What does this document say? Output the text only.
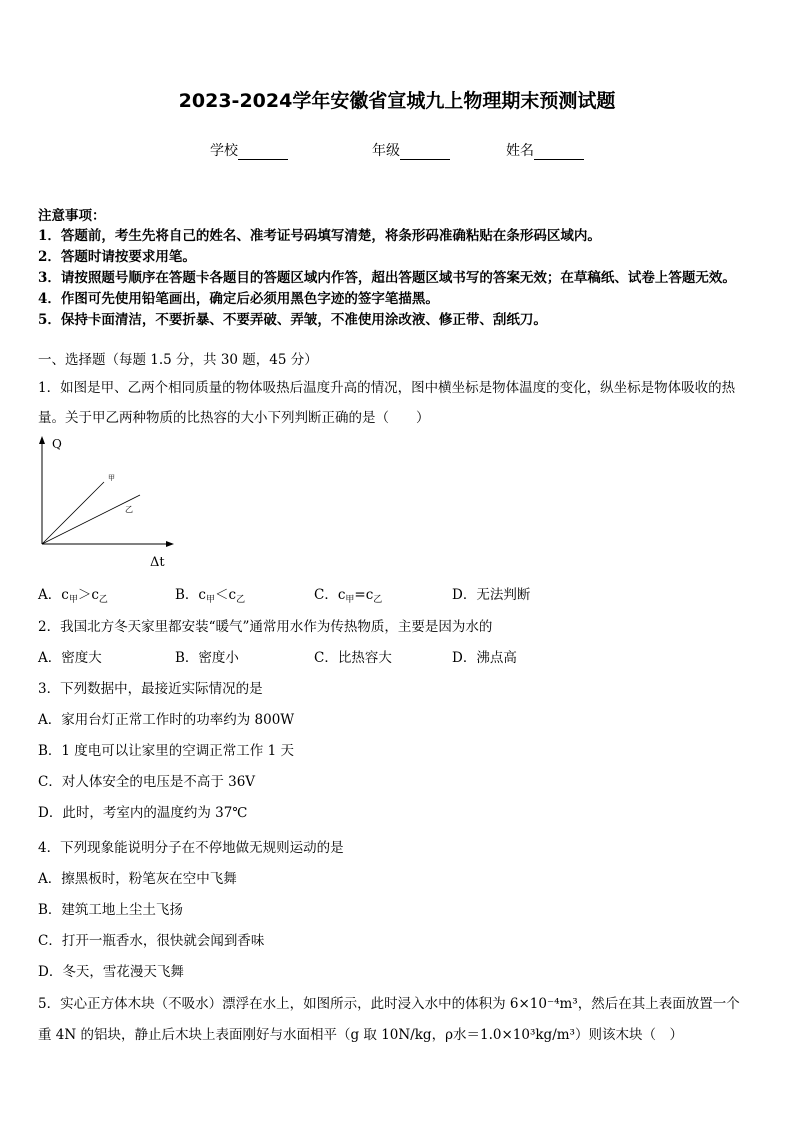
2023-2024学年安徽省宣城九上物理期末预测试题
学校	年级	姓名
注意事项：
1．答题前，考生先将自己的姓名、准考证号码填写清楚，将条形码准确粘贴在条形码区域内。
2．答题时请按要求用笔。
3．请按照题号顺序在答题卡各题目的答题区域内作答，超出答题区域书写的答案无效；在草稿纸、试卷上答题无效。
4．作图可先使用铅笔画出，确定后必须用黑色字迹的签字笔描黑。
5．保持卡面清洁，不要折暴、不要弄破、弄皱，不准使用涂改液、修正带、刮纸刀。
一、选择题（每题 1.5 分，共 30 题，45 分）
1．如图是甲、乙两个相同质量的物体吸热后温度升高的情况，图中横坐标是物体温度的变化，纵坐标是物体吸收的热
量。关于甲乙两种物质的比热容的大小下列判断正确的是（　　）
Q
Δt
甲
乙
A．$c_甲>c_乙$	B．$c_甲<c_乙$	C．$c_甲=c_乙$	D．无法判断
2．我国北方冬天家里都安装“暖气”通常用水作为传热物质，主要是因为水的
A．密度大	B．密度小	C．比热容大	D．沸点高
3．下列数据中，最接近实际情况的是
A．家用台灯正常工作时的功率约为 800W
B．1 度电可以让家里的空调正常工作 1 天
C．对人体安全的电压是不高于 36V
D．此时，考室内的温度约为 37℃
4．下列现象能说明分子在不停地做无规则运动的是
A．擦黑板时，粉笔灰在空中飞舞
B．建筑工地上尘土飞扬
C．打开一瓶香水，很快就会闻到香味
D．冬天，雪花漫天飞舞
5．实心正方体木块（不吸水）漂浮在水上，如图所示，此时浸入水中的体积为 6×10⁻⁴m³，然后在其上表面放置一个
重 4N 的铝块，静止后木块上表面刚好与水面相平（g 取 10N/kg，ρ水＝1.0×10³kg/m³）则该木块（　）
